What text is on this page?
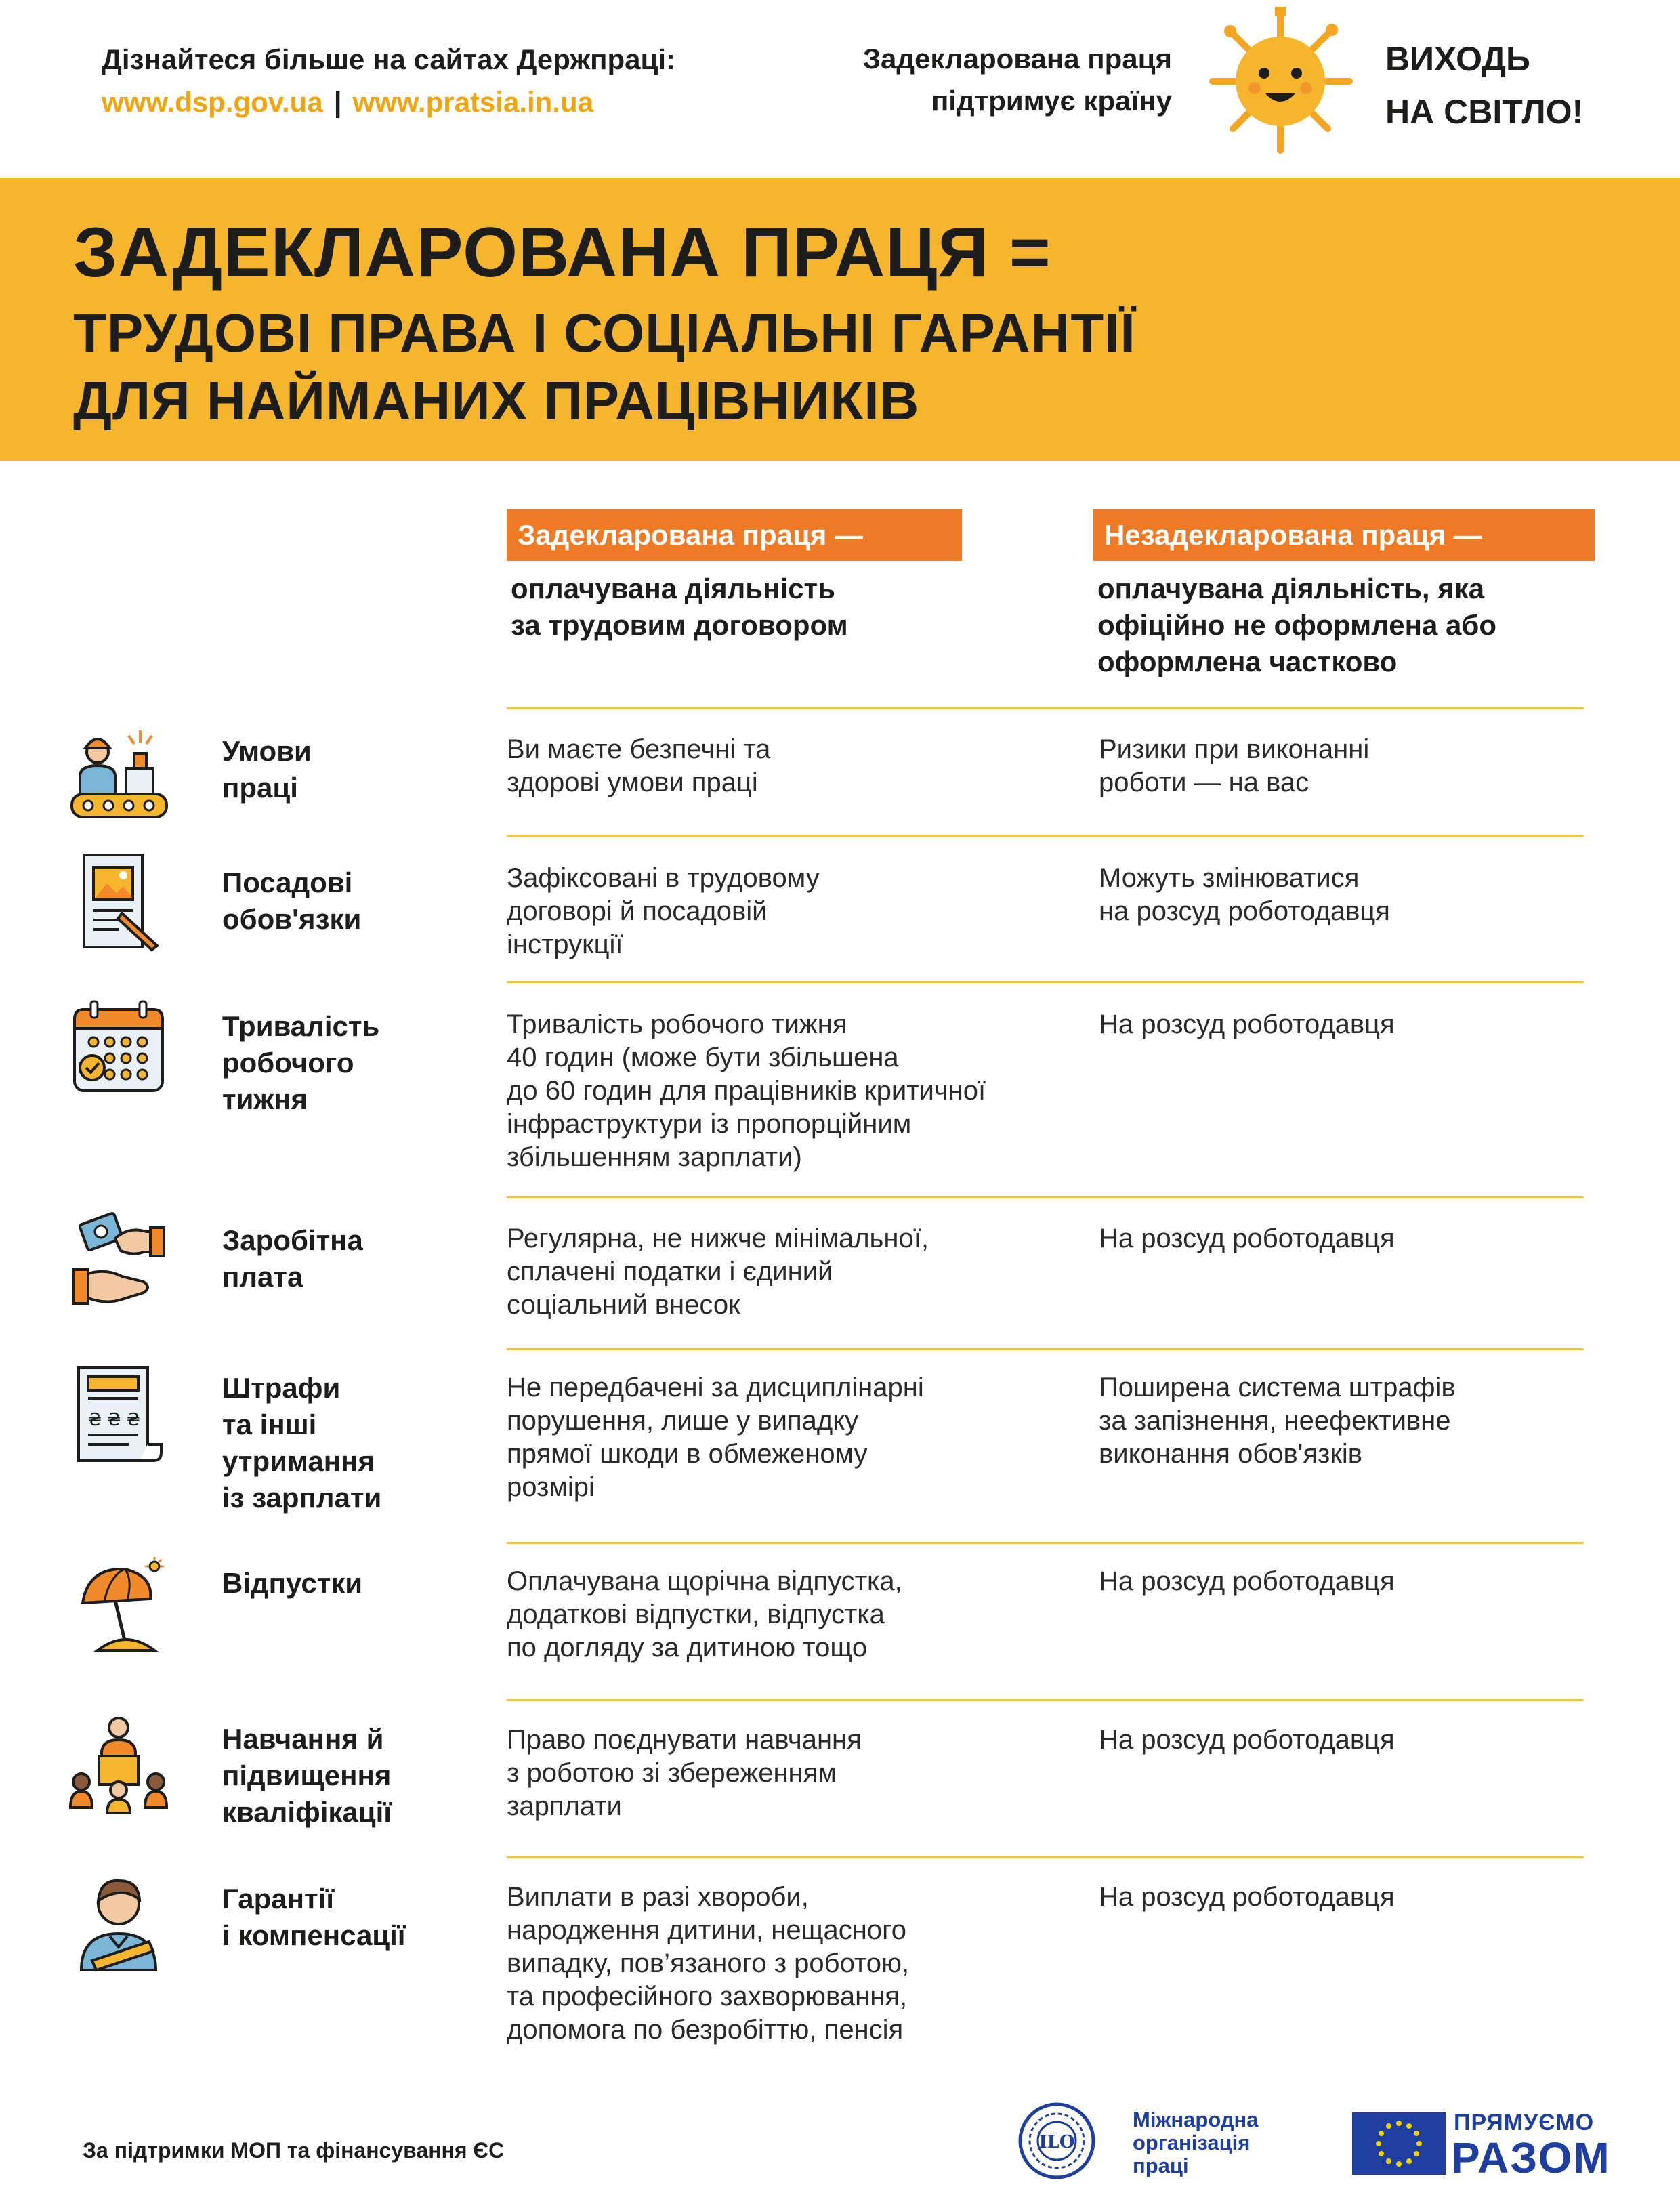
Дізнайтеся більше на сайтах Держпраці:
www.dsp.gov.ua | www.pratsia.in.ua
Задекларована праця
підтримує країну
ВИХОДЬ
НА СВІТЛО!
ЗАДЕКЛАРОВАНА ПРАЦЯ =
ТРУДОВІ ПРАВА І СОЦІАЛЬНІ ГАРАНТІЇ
ДЛЯ НАЙМАНИХ ПРАЦІВНИКІВ
Задекларована праця —
оплачувана діяльність
за трудовим договором
Незадекларована праця —
оплачувана діяльність, яка
офіційно не оформлена або
оформлена частково
Умови
праці
Ви маєте безпечні та
здорові умови праці
Ризики при виконанні
роботи — на вас
Посадові
обов'язки
Зафіксовані в трудовому
договорі й посадовій
інструкції
Можуть змінюватися
на розсуд роботодавця
Тривалість
робочого
тижня
Тривалість робочого тижня
40 годин (може бути збільшена
до 60 годин для працівників критичної
інфраструктури із пропорційним
збільшенням зарплати)
На розсуд роботодавця
Заробітна
плата
Регулярна, не нижче мінімальної,
сплачені податки і єдиний
соціальний внесок
На розсуд роботодавця
₴ ₴ ₴
Штрафи
та інші
утримання
із зарплати
Не передбачені за дисциплінарні
порушення, лише у випадку
прямої шкоди в обмеженому
розмірі
Поширена система штрафів
за запізнення, неефективне
виконання обов'язків
Відпустки	Оплачувана щорічна відпустка,
додаткові відпустки, відпустка
по догляду за дитиною тощо
На розсуд роботодавця
Навчання й
підвищення
кваліфікації
Право поєднувати навчання
з роботою зі збереженням
зарплати
На розсуд роботодавця
Гарантії
і компенсації
Виплати в разі хвороби,
народження дитини, нещасного
випадку, пов’язаного з роботою,
та професійного захворювання,
допомога по безробіттю, пенсія
На розсуд роботодавця
За підтримки МОП та фінансування ЄС	ILO
Міжнародна
організація
праці
ПРЯМУЄМО
РАЗОМ
